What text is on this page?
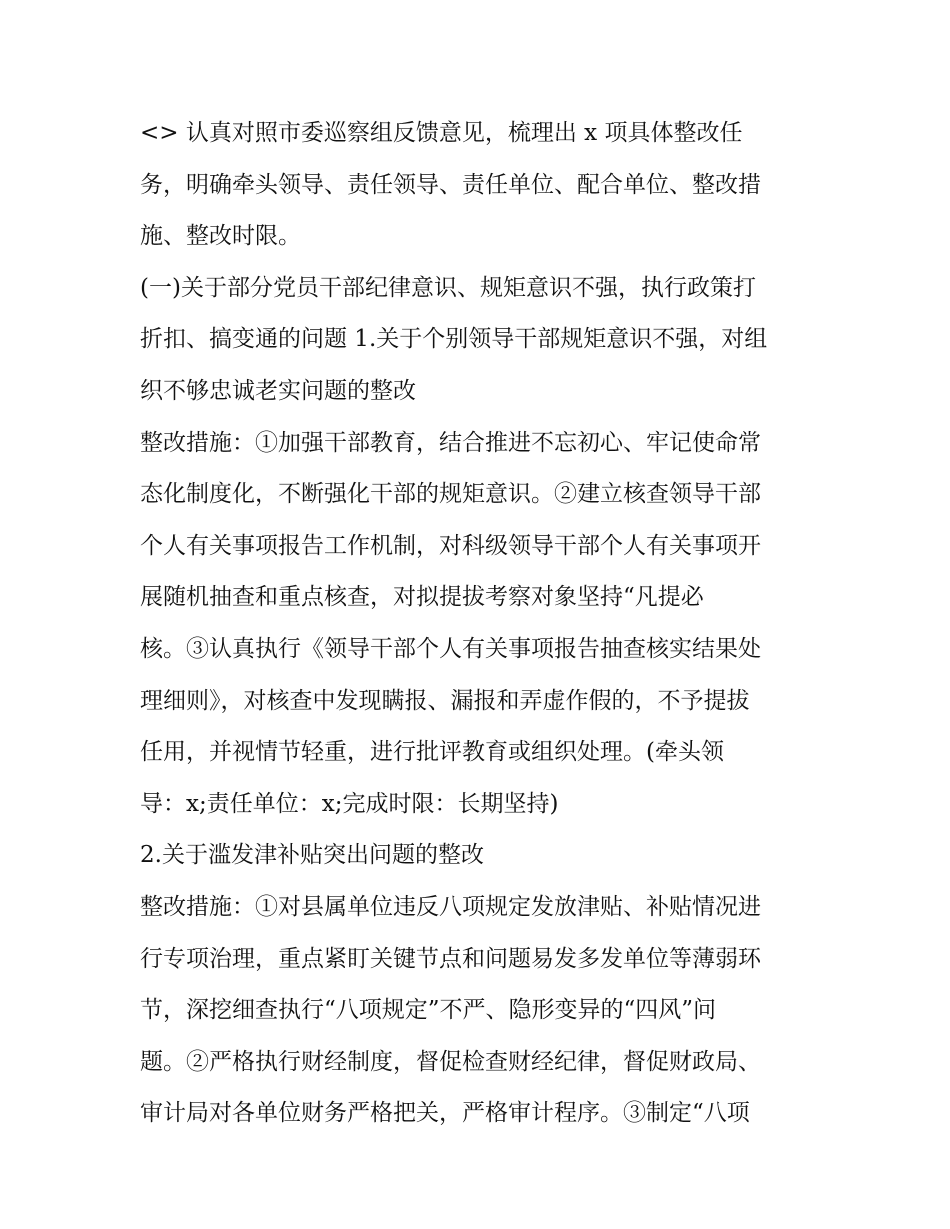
<> 认真对照市委巡察组反馈意见，梳理出 x 项具体整改任
务，明确牵头领导、责任领导、责任单位、配合单位、整改措
施、整改时限。
(一)关于部分党员干部纪律意识、规矩意识不强，执行政策打
折扣、搞变通的问题 1.关于个别领导干部规矩意识不强，对组
织不够忠诚老实问题的整改
整改措施：①加强干部教育，结合推进不忘初心、牢记使命常
态化制度化，不断强化干部的规矩意识。②建立核查领导干部
个人有关事项报告工作机制，对科级领导干部个人有关事项开
展随机抽查和重点核查，对拟提拔考察对象坚持“凡提必
核。③认真执行《领导干部个人有关事项报告抽查核实结果处
理细则》，对核查中发现瞒报、漏报和弄虚作假的，不予提拔
任用，并视情节轻重，进行批评教育或组织处理。(牵头领
导：x;责任单位：x;完成时限：长期坚持)
2.关于滥发津补贴突出问题的整改
整改措施：①对县属单位违反八项规定发放津贴、补贴情况进
行专项治理，重点紧盯关键节点和问题易发多发单位等薄弱环
节，深挖细查执行“八项规定”不严、隐形变异的“四风”问
题。②严格执行财经制度，督促检查财经纪律，督促财政局、
审计局对各单位财务严格把关，严格审计程序。③制定“八项
